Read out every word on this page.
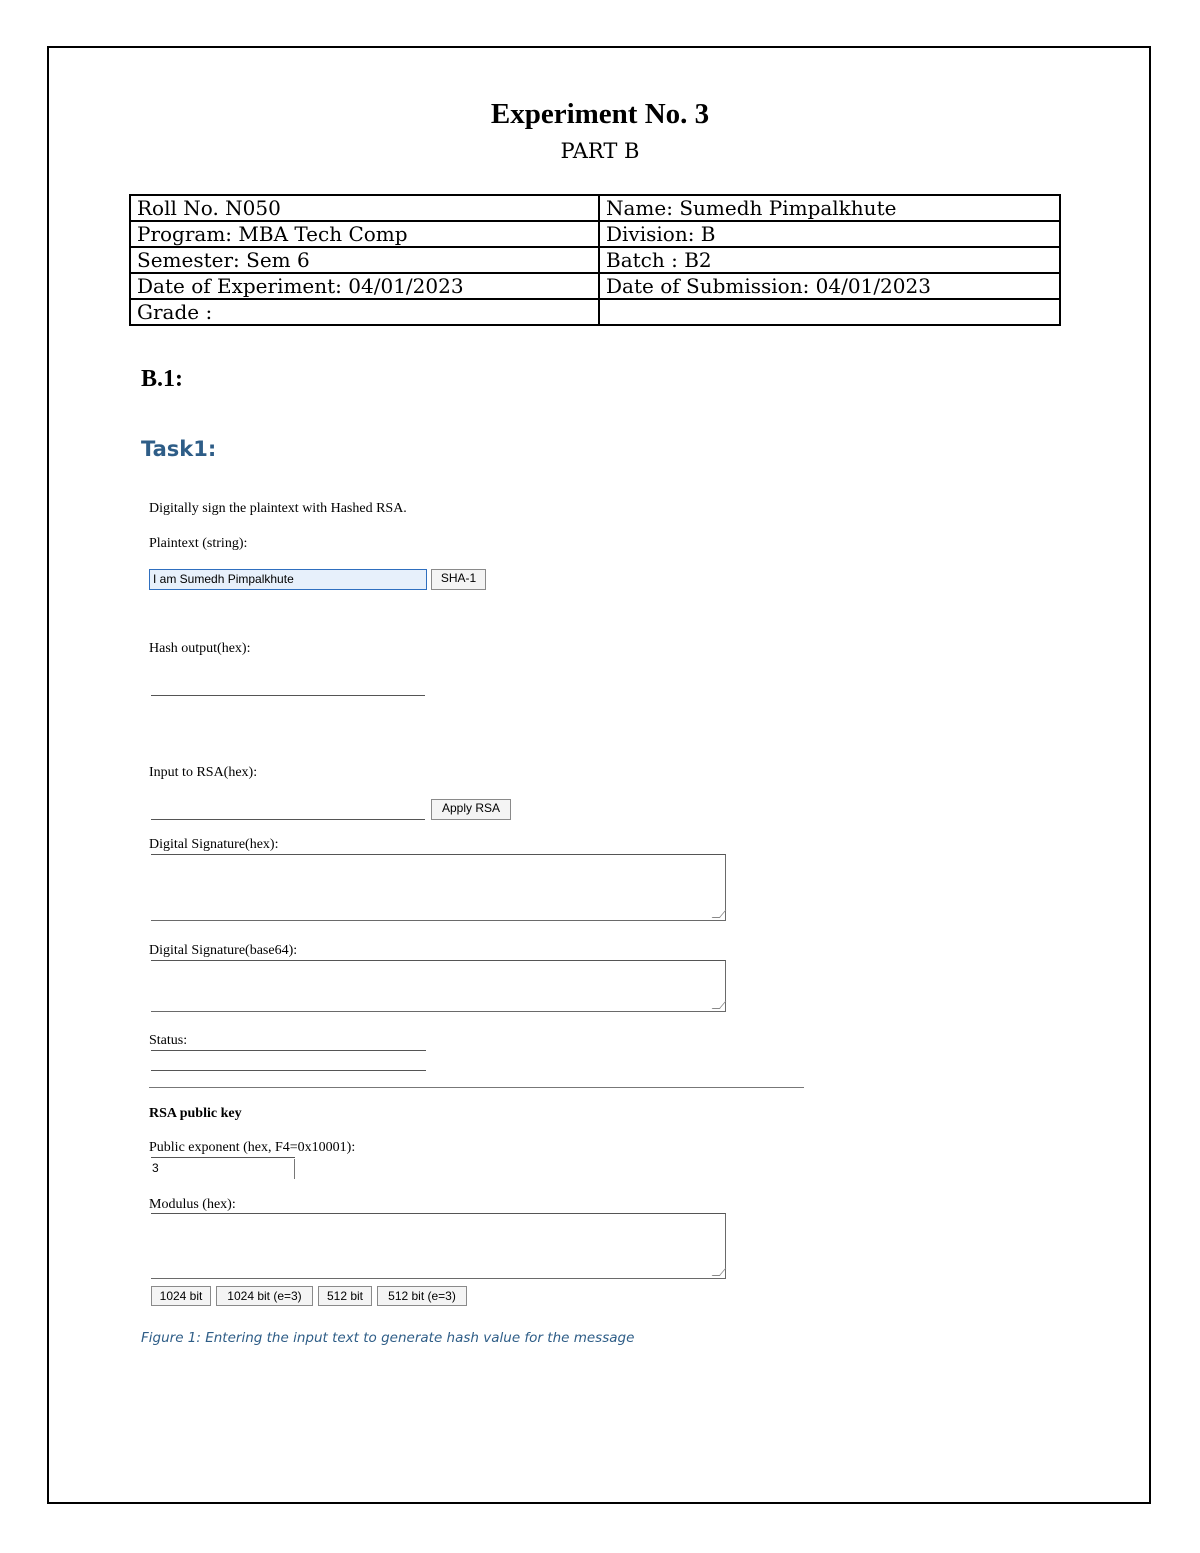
Experiment No. 3
PART B
Roll No. N050	Name: Sumedh Pimpalkhute
Program: MBA Tech Comp	Division: B
Semester: Sem 6	Batch : B2
Date of Experiment: 04/01/2023	Date of Submission: 04/01/2023
Grade :	
B.1:
Task1:
Digitally sign the plaintext with Hashed RSA.
Plaintext (string):
I am Sumedh Pimpalkhute	SHA-1
Hash output(hex):
Input to RSA(hex):
Apply RSA
Digital Signature(hex):
Digital Signature(base64):
Status:
RSA public key
Public exponent (hex, F4=0x10001):
3
Modulus (hex):
1024 bit	1024 bit (e=3)	512 bit	512 bit (e=3)
Figure 1: Entering the input text to generate hash value for the message
